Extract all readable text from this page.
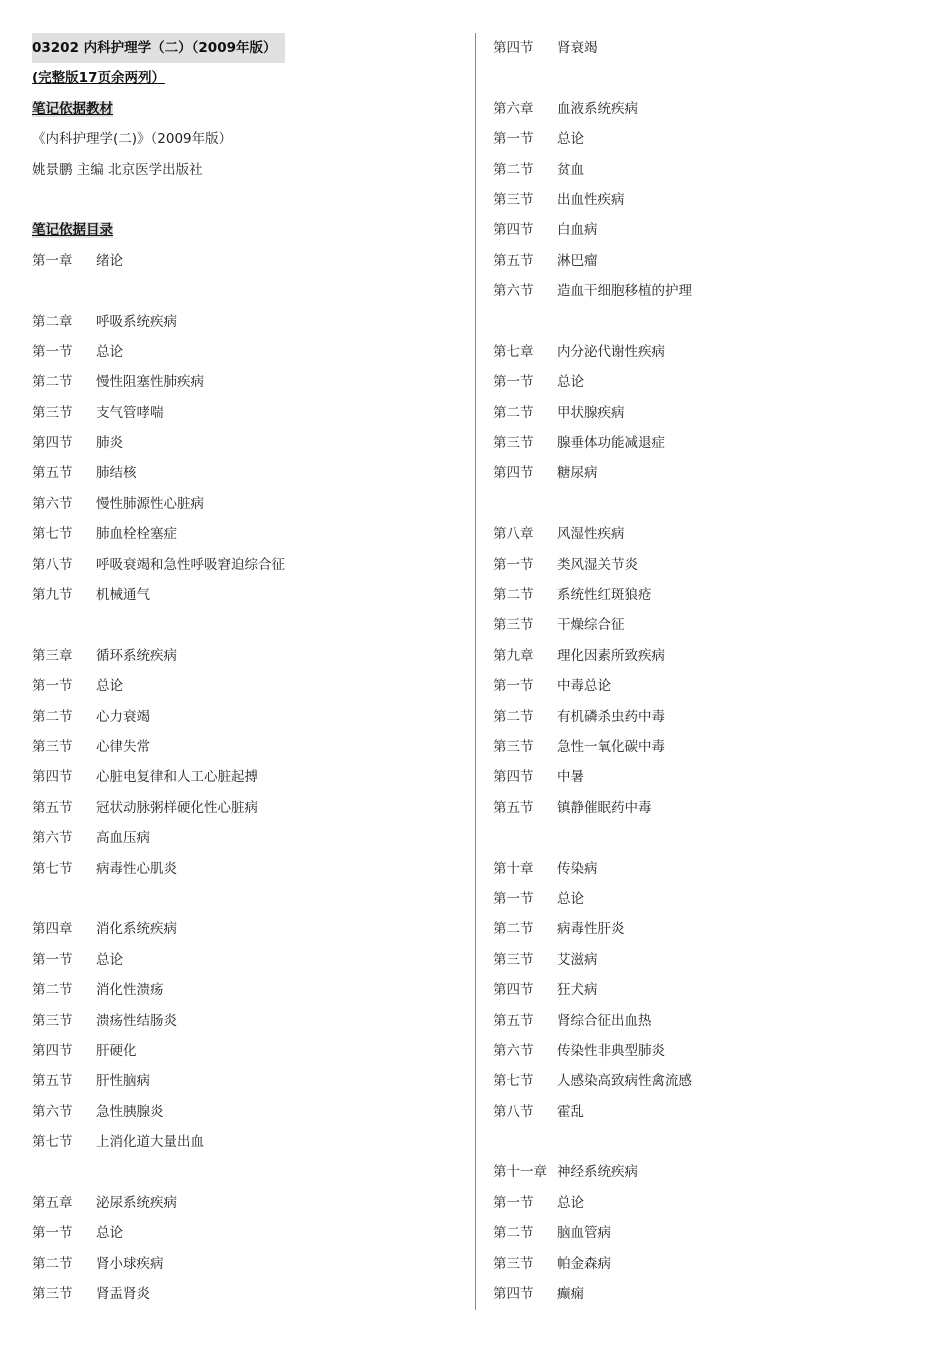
03202 内科护理学（二）（2009年版）
(完整版17页余两列）
笔记依据教材
《内科护理学(二)》（2009年版）
姚景鹏 主编 北京医学出版社
笔记依据目录
第一章 绪论
第二章 呼吸系统疾病
第一节 总论
第二节 慢性阻塞性肺疾病
第三节 支气管哮喘
第四节 肺炎
第五节 肺结核
第六节 慢性肺源性心脏病
第七节 肺血栓栓塞症
第八节 呼吸衰竭和急性呼吸窘迫综合征
第九节 机械通气
第三章 循环系统疾病
第一节 总论
第二节 心力衰竭
第三节 心律失常
第四节 心脏电复律和人工心脏起搏
第五节 冠状动脉粥样硬化性心脏病
第六节 高血压病
第七节 病毒性心肌炎
第四章 消化系统疾病
第一节 总论
第二节 消化性溃疡
第三节 溃疡性结肠炎
第四节 肝硬化
第五节 肝性脑病
第六节 急性胰腺炎
第七节 上消化道大量出血
第五章 泌尿系统疾病
第一节 总论
第二节 肾小球疾病
第三节 肾盂肾炎
第四节 肾衰竭
第六章 血液系统疾病
第一节 总论
第二节 贫血
第三节 出血性疾病
第四节 白血病
第五节 淋巴瘤
第六节 造血干细胞移植的护理
第七章 内分泌代谢性疾病
第一节 总论
第二节 甲状腺疾病
第三节 腺垂体功能减退症
第四节 糖尿病
第八章 风湿性疾病
第一节 类风湿关节炎
第二节 系统性红斑狼疮
第三节 干燥综合征
第九章 理化因素所致疾病
第一节 中毒总论
第二节 有机磷杀虫药中毒
第三节 急性一氧化碳中毒
第四节 中暑
第五节 镇静催眠药中毒
第十章 传染病
第一节 总论
第二节 病毒性肝炎
第三节 艾滋病
第四节 狂犬病
第五节 肾综合征出血热
第六节 传染性非典型肺炎
第七节 人感染高致病性禽流感
第八节 霍乱
第十一章 神经系统疾病
第一节 总论
第二节 脑血管病
第三节 帕金森病
第四节 癫痫
